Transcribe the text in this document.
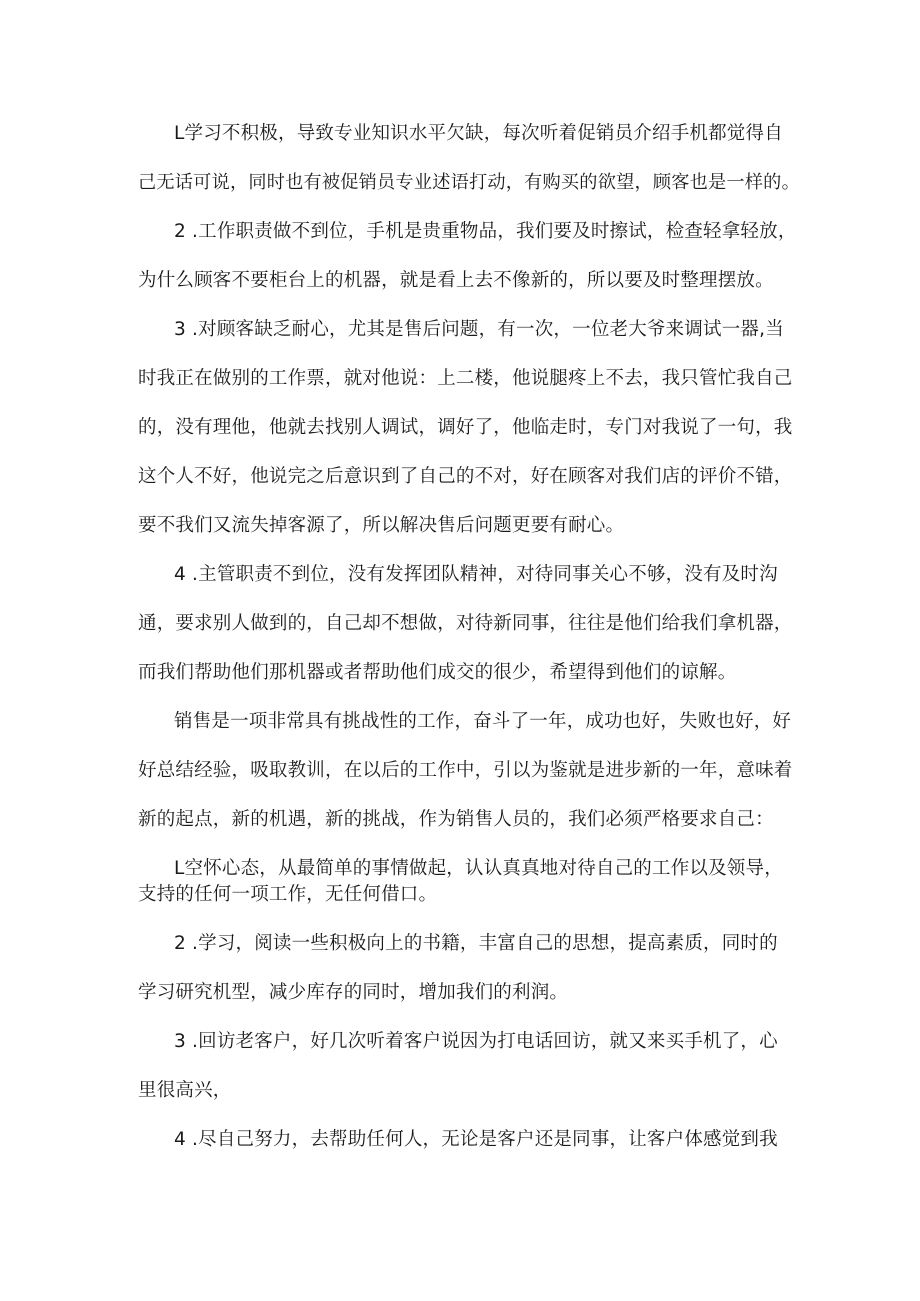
L学习不积极，导致专业知识水平欠缺，每次听着促销员介绍手机都觉得自
己无话可说，同时也有被促销员专业述语打动，有购买的欲望，顾客也是一样的。
2 .工作职责做不到位，手机是贵重物品，我们要及时擦试，检查轻拿轻放，
为什么顾客不要柜台上的机器，就是看上去不像新的，所以要及时整理摆放。
3 .对顾客缺乏耐心，尤其是售后问题，有一次，一位老大爷来调试一器,当
时我正在做别的工作票，就对他说：上二楼，他说腿疼上不去，我只管忙我自己
的，没有理他，他就去找别人调试，调好了，他临走时，专门对我说了一句，我
这个人不好，他说完之后意识到了自己的不对，好在顾客对我们店的评价不错，
要不我们又流失掉客源了，所以解决售后问题更要有耐心。
4 .主管职责不到位，没有发挥团队精神，对待同事关心不够，没有及时沟
通，要求别人做到的，自己却不想做，对待新同事，往往是他们给我们拿机器，
而我们帮助他们那机器或者帮助他们成交的很少，希望得到他们的谅解。
销售是一项非常具有挑战性的工作，奋斗了一年，成功也好，失败也好，好
好总结经验，吸取教训，在以后的工作中，引以为鉴就是进步新的一年，意味着
新的起点，新的机遇，新的挑战，作为销售人员的，我们必须严格要求自己：
L空怀心态，从最简单的事情做起，认认真真地对待自己的工作以及领导，
支持的任何一项工作，无任何借口。
2 .学习，阅读一些积极向上的书籍，丰富自己的思想，提高素质，同时的
学习研究机型，减少库存的同时，增加我们的利润。
3 .回访老客户，好几次听着客户说因为打电话回访，就又来买手机了，心
里很高兴，
4 .尽自己努力，去帮助任何人，无论是客户还是同事，让客户体感觉到我
